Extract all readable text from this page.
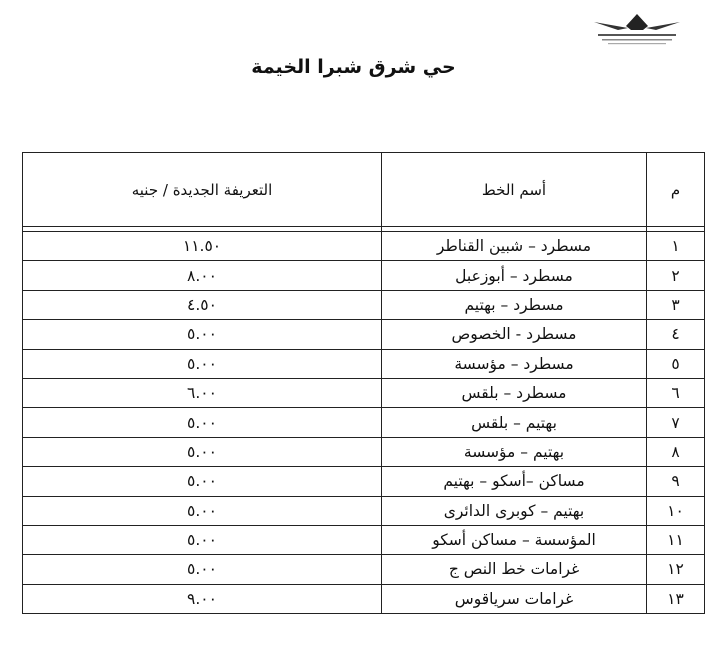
حي شرق شبرا الخيمة
م	أسم الخط	التعريفة الجديدة / جنيه

١	مسطرد – شبين القناطر	١١.٥٠
٢	مسطرد – أبوزعبل	٨.٠٠
٣	مسطرد – بهتيم	٤.٥٠
٤	مسطرد - الخصوص	٥.٠٠
٥	مسطرد – مؤسسة	٥.٠٠
٦	مسطرد – بلقس	٦.٠٠
٧	بهتيم – بلقس	٥.٠٠
٨	بهتيم – مؤسسة	٥.٠٠
٩	مساكن –أسكو – بهتيم	٥.٠٠
١٠	بهتيم – كوبرى الدائرى	٥.٠٠
١١	المؤسسة – مساكن أسكو	٥.٠٠
١٢	غرامات خط النص ج	٥.٠٠
١٣	غرامات سرياقوس	٩.٠٠
